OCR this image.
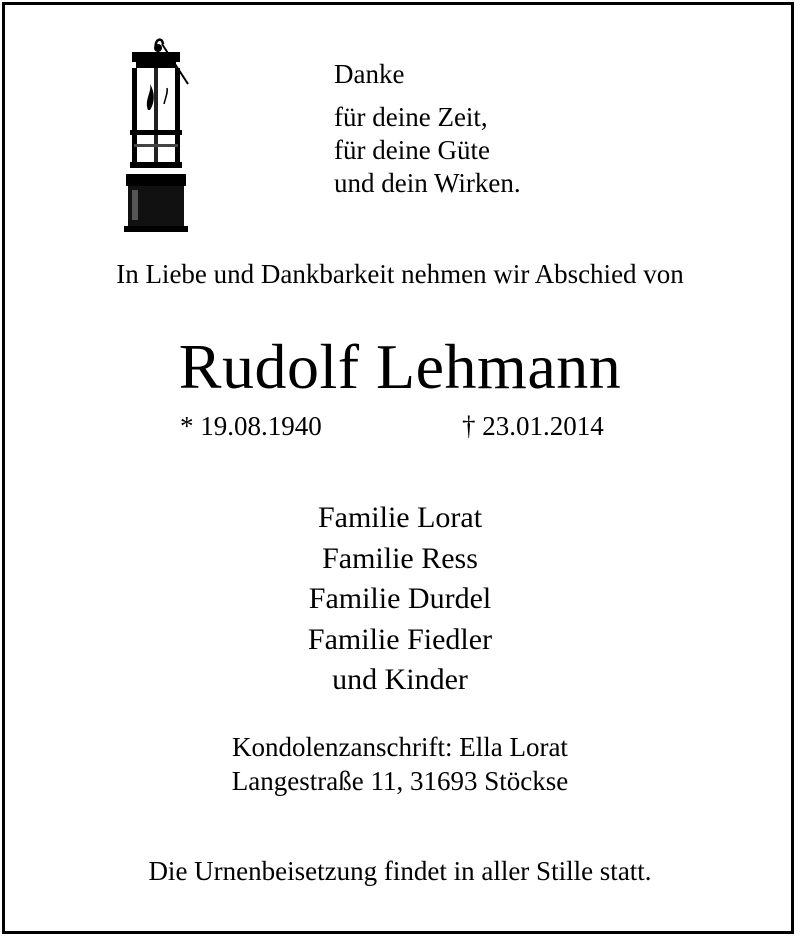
Danke
für deine Zeit,
für deine Güte
und dein Wirken.
In Liebe und Dankbarkeit nehmen wir Abschied von
Rudolf Lehmann
* 19.08.1940	† 23.01.2014
Familie Lorat
Familie Ress
Familie Durdel
Familie Fiedler
und Kinder
Kondolenzanschrift: Ella Lorat
Langestraße 11, 31693 Stöckse
Die Urnenbeisetzung findet in aller Stille statt.
